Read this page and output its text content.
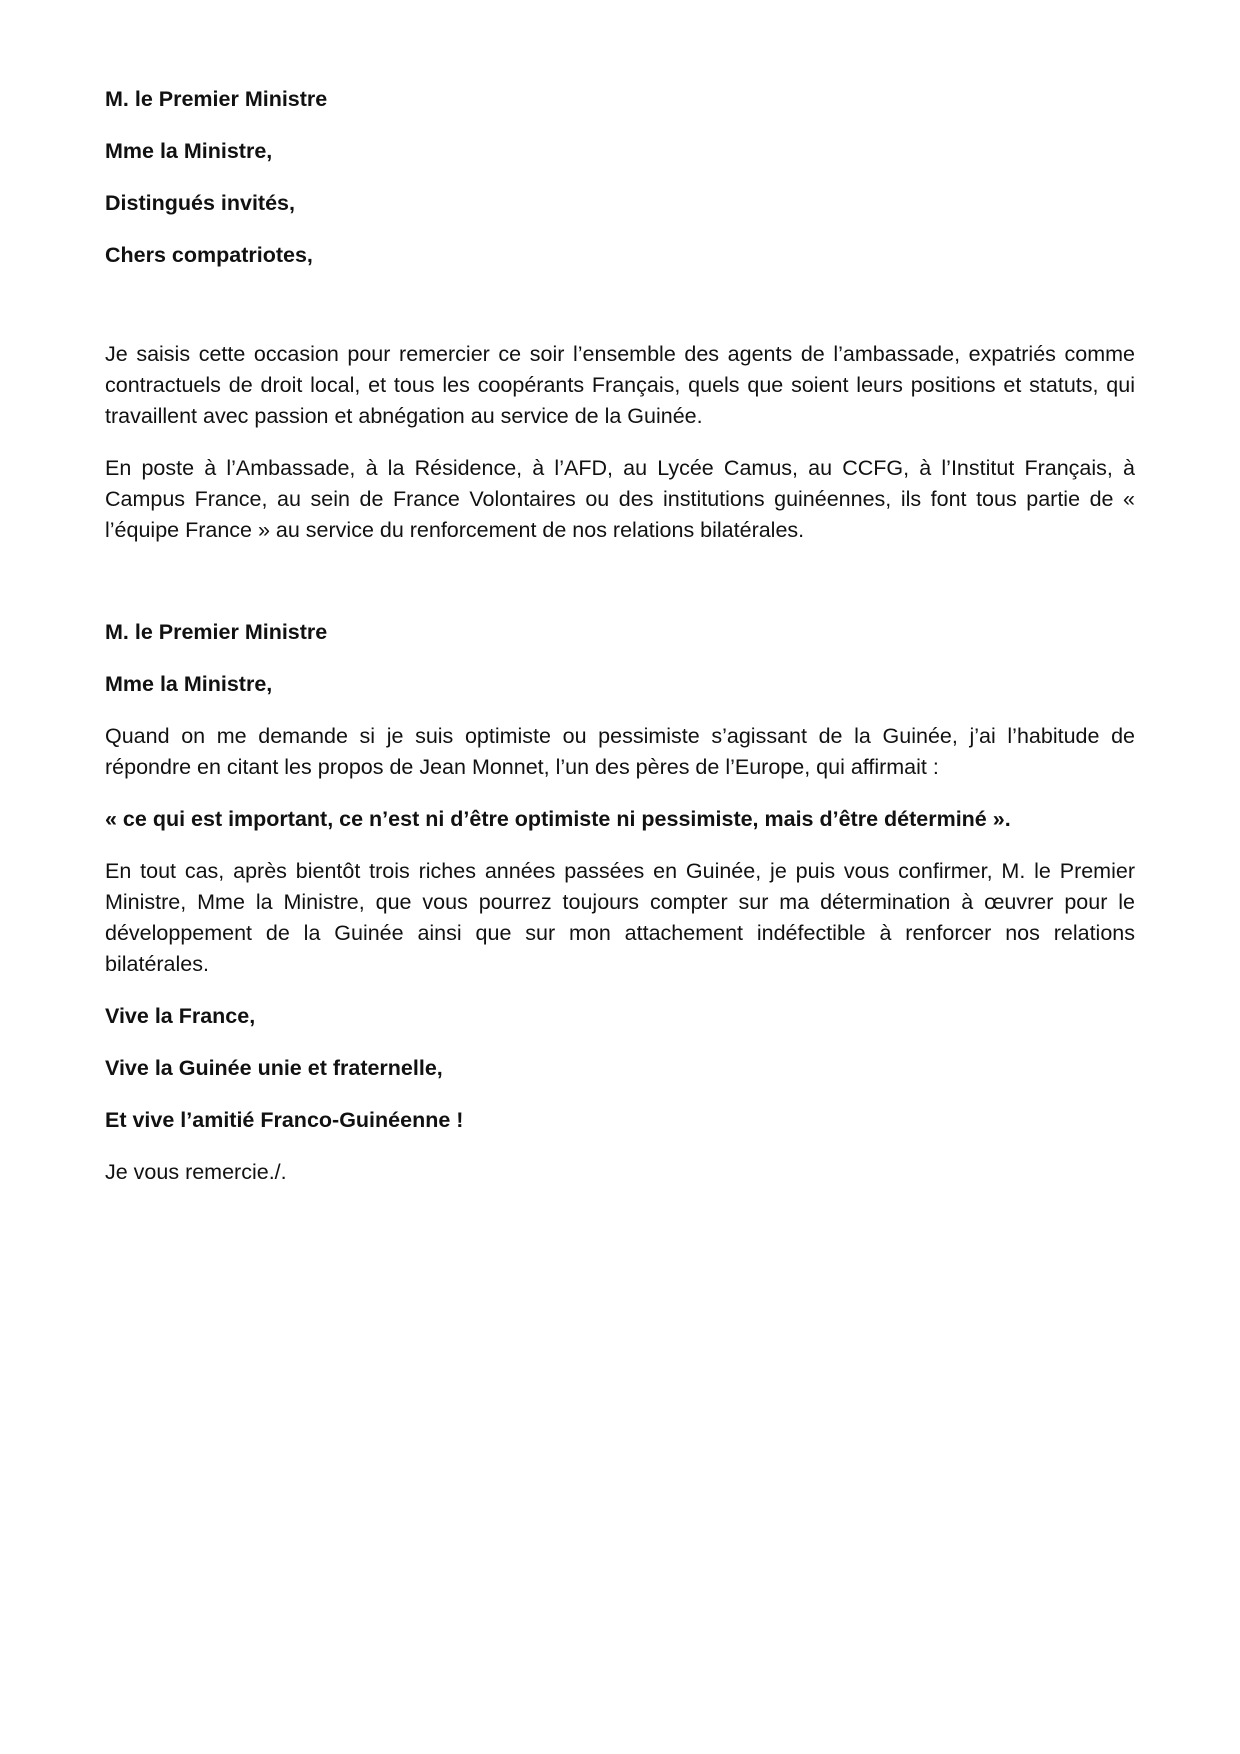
M. le Premier Ministre
Mme la Ministre,
Distingués invités,
Chers compatriotes,

Je saisis cette occasion pour remercier ce soir l’ensemble des agents de l’ambassade, expatriés comme contractuels de droit local, et tous les coopérants Français, quels que soient leurs positions et statuts, qui travaillent avec passion et abnégation au service de la Guinée.

En poste à l’Ambassade, à la Résidence, à l’AFD, au Lycée Camus, au CCFG, à l’Institut Français, à Campus France, au sein de France Volontaires ou des institutions guinéennes, ils font tous partie de « l’équipe France » au service du renforcement de nos relations bilatérales.

M. le Premier Ministre
Mme la Ministre,

Quand on me demande si je suis optimiste ou pessimiste s’agissant de la Guinée, j’ai l’habitude de répondre en citant les propos de Jean Monnet, l’un des pères de l’Europe, qui affirmait :

« ce qui est important, ce n’est ni d’être optimiste ni pessimiste, mais d’être déterminé ».

En tout cas, après bientôt trois riches années passées en Guinée, je puis vous confirmer, M. le Premier Ministre, Mme la Ministre, que vous pourrez toujours compter sur ma détermination à œuvrer pour le développement de la Guinée ainsi que sur mon attachement indéfectible à renforcer nos relations bilatérales.

Vive la France,
Vive la Guinée unie et fraternelle,
Et vive l’amitié Franco-Guinéenne !

Je vous remercie./.
